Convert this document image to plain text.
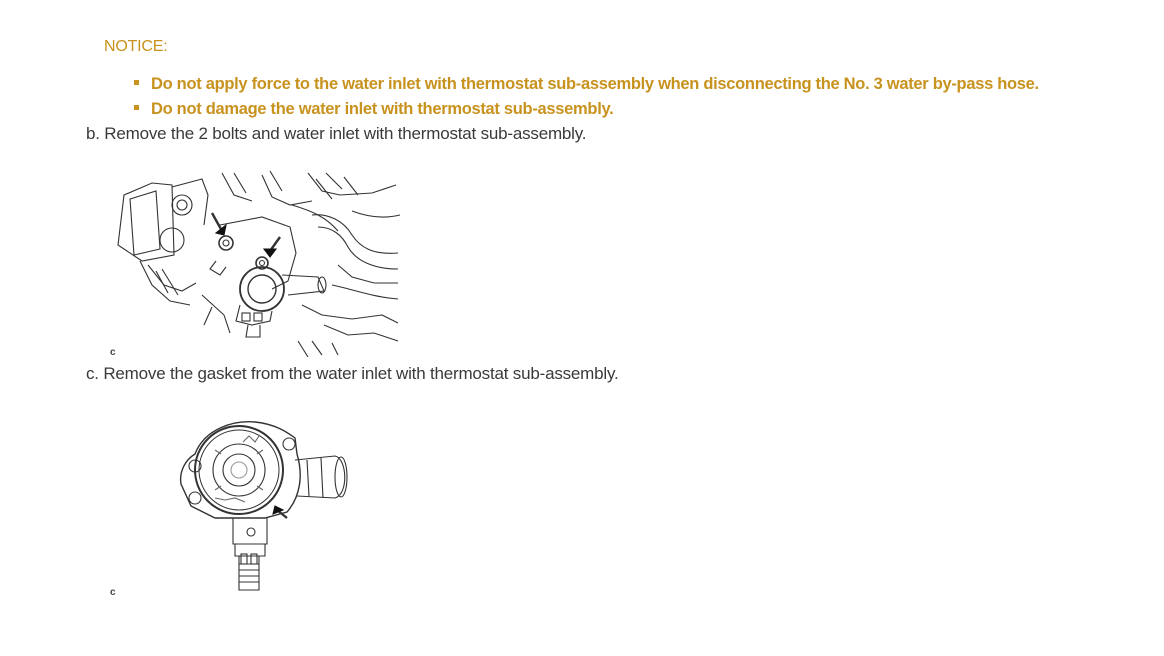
NOTICE:
Do not apply force to the water inlet with thermostat sub-assembly when disconnecting the No. 3 water by-pass hose.
Do not damage the water inlet with thermostat sub-assembly.
b. Remove the 2 bolts and water inlet with thermostat sub-assembly.
c
c. Remove the gasket from the water inlet with thermostat sub-assembly.
c
